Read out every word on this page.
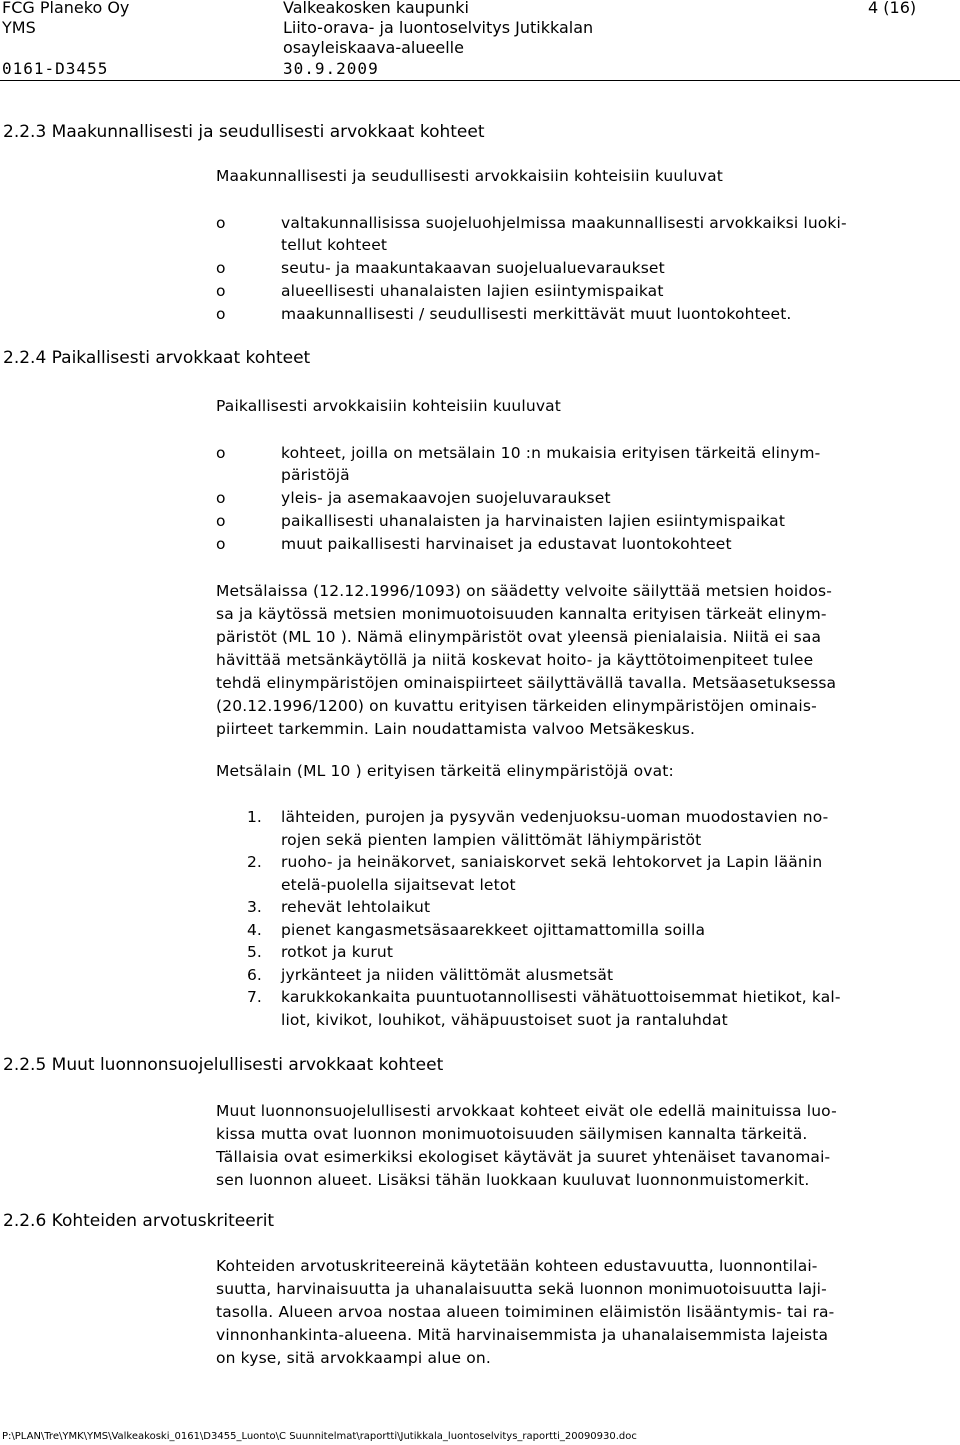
FCG Planeko Oy	Valkeakosken kaupunki	4 (16)
YMS	Liito-orava- ja luontoselvitys Jutikkalan
osayleiskaava-alueelle
0161-D3455	30.9.2009
2.2.3 Maakunnallisesti ja seudullisesti arvokkaat kohteet
Maakunnallisesti ja seudullisesti arvokkaisiin kohteisiin kuuluvat
o	valtakunnallisissa suojeluohjelmissa maakunnallisesti arvokkaiksi luoki-
tellut kohteet
o	seutu- ja maakuntakaavan suojelualuevaraukset
o	alueellisesti uhanalaisten lajien esiintymispaikat
o	maakunnallisesti / seudullisesti merkittävät muut luontokohteet.
2.2.4 Paikallisesti arvokkaat kohteet
Paikallisesti arvokkaisiin kohteisiin kuuluvat
o	kohteet, joilla on metsälain 10 :n mukaisia erityisen tärkeitä elinym-
päristöjä
o	yleis- ja asemakaavojen suojeluvaraukset
o	paikallisesti uhanalaisten ja harvinaisten lajien esiintymispaikat
o	muut paikallisesti harvinaiset ja edustavat luontokohteet
Metsälaissa (12.12.1996/1093) on säädetty velvoite säilyttää metsien hoidos-
sa ja käytössä metsien monimuotoisuuden kannalta erityisen tärkeät elinym-
päristöt (ML 10 ). Nämä elinympäristöt ovat yleensä pienialaisia. Niitä ei saa
hävittää metsänkäytöllä ja niitä koskevat hoito- ja käyttötoimenpiteet tulee
tehdä elinympäristöjen ominaispiirteet säilyttävällä tavalla. Metsäasetuksessa
(20.12.1996/1200) on kuvattu erityisen tärkeiden elinympäristöjen ominais-
piirteet tarkemmin. Lain noudattamista valvoo Metsäkeskus.
Metsälain (ML 10 ) erityisen tärkeitä elinympäristöjä ovat:
1. lähteiden, purojen ja pysyvän vedenjuoksu-uoman muodostavien no-
rojen sekä pienten lampien välittömät lähiympäristöt
2. ruoho- ja heinäkorvet, saniaiskorvet sekä lehtokorvet ja Lapin läänin
etelä-puolella sijaitsevat letot
3. rehevät lehtolaikut
4. pienet kangasmetsäsaarekkeet ojittamattomilla soilla
5. rotkot ja kurut
6. jyrkänteet ja niiden välittömät alusmetsät
7. karukkokankaita puuntuotannollisesti vähätuottoisemmat hietikot, kal-
liot, kivikot, louhikot, vähäpuustoiset suot ja rantaluhdat
2.2.5 Muut luonnonsuojelullisesti arvokkaat kohteet
Muut luonnonsuojelullisesti arvokkaat kohteet eivät ole edellä mainituissa luo-
kissa mutta ovat luonnon monimuotoisuuden säilymisen kannalta tärkeitä.
Tällaisia ovat esimerkiksi ekologiset käytävät ja suuret yhtenäiset tavanomai-
sen luonnon alueet. Lisäksi tähän luokkaan kuuluvat luonnonmuistomerkit.
2.2.6 Kohteiden arvotuskriteerit
Kohteiden arvotuskriteereinä käytetään kohteen edustavuutta, luonnontilai-
suutta, harvinaisuutta ja uhanalaisuutta sekä luonnon monimuotoisuutta laji-
tasolla. Alueen arvoa nostaa alueen toimiminen eläimistön lisääntymis- tai ra-
vinnonhankinta-alueena. Mitä harvinaisemmista ja uhanalaisemmista lajeista
on kyse, sitä arvokkaampi alue on.
P:\PLAN\Tre\YMK\YMS\Valkeakoski_0161\D3455_Luonto\C Suunnitelmat\raportti\Jutikkala_luontoselvitys_raportti_20090930.doc
